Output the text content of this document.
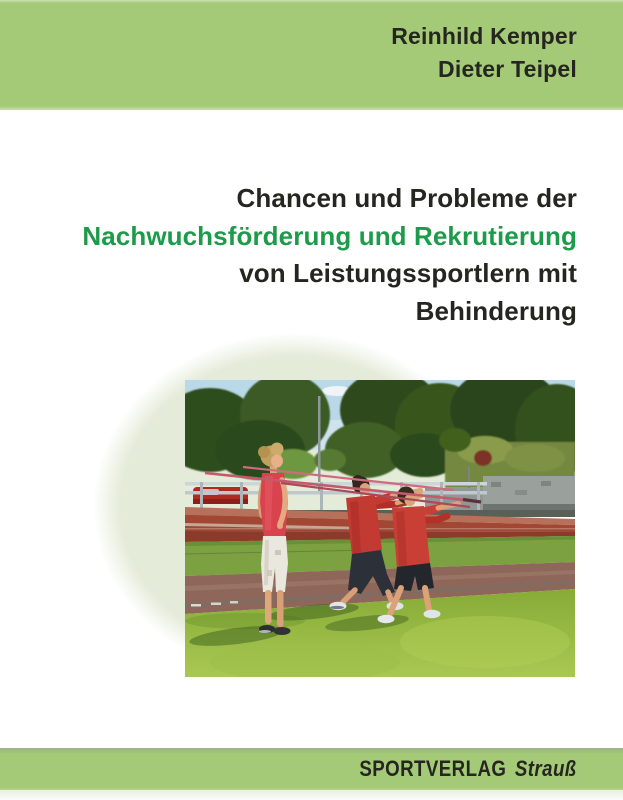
Reinhild Kemper
Dieter Teipel
Chancen und Probleme der
Nachwuchsförderung und Rekrutierung
von Leistungssportlern mit
Behinderung
SPORTVERLAG Strauß
